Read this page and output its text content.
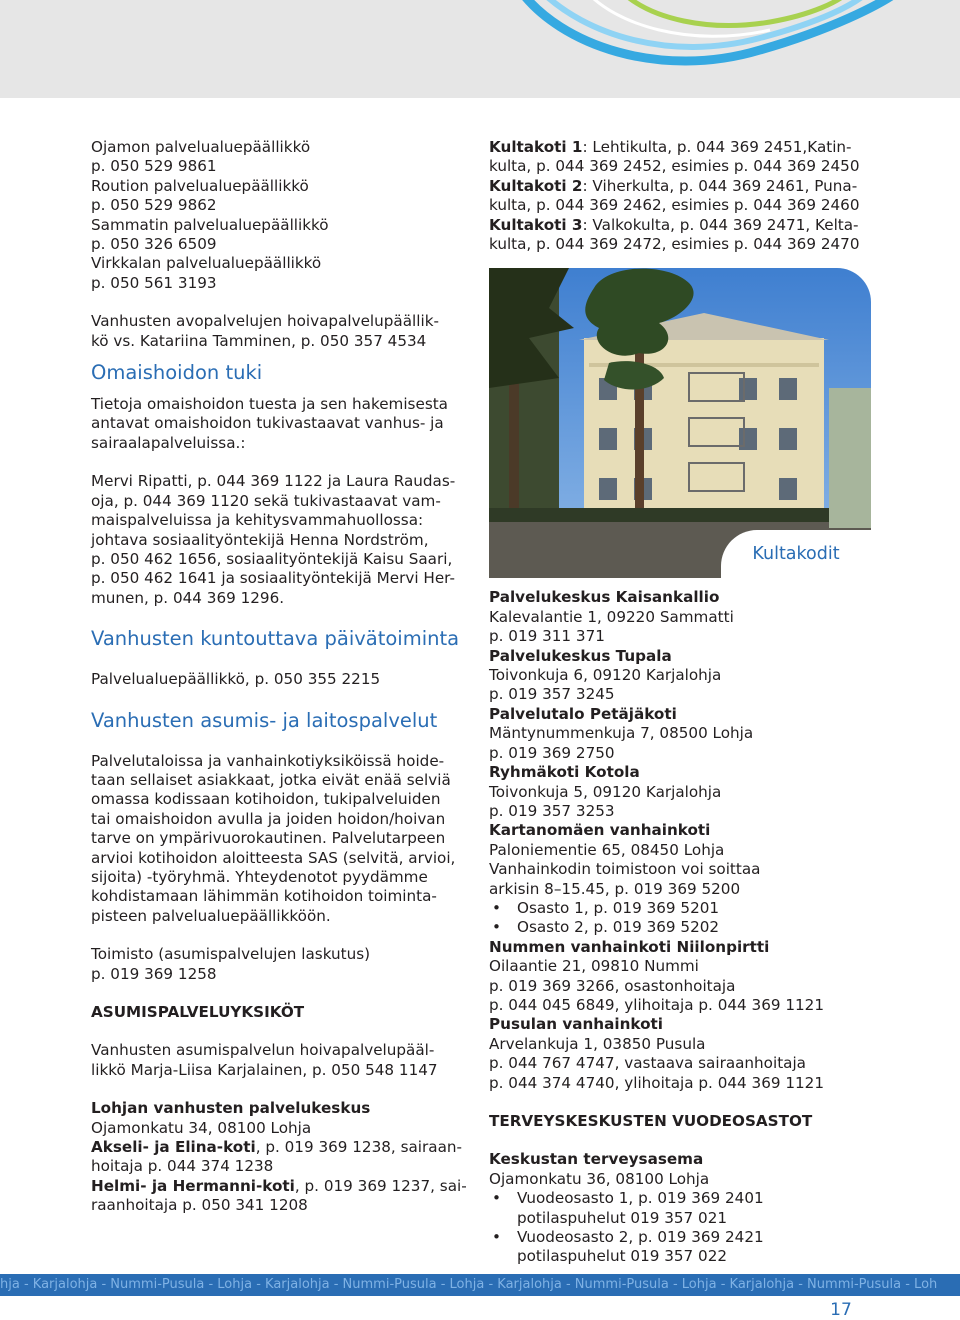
Ojamon palvelualuepäällikkö

p. 050 529 9861

Roution palvelualuepäällikkö

p. 050 529 9862

Sammatin palvelualuepäällikkö

p. 050 326 6509

Virkkalan palvelualuepäällikkö

p. 050 561 3193

Vanhusten avopalvelujen hoivapalvelupäällik-

kö vs. Katariina Tamminen, p. 050 357 4534

Omaishoidon tuki

Tietoja omaishoidon tuesta ja sen hakemisesta

antavat omaishoidon tukivastaavat vanhus- ja

sairaalapalveluissa.:

Mervi Ripatti, p. 044 369 1122 ja Laura Raudas-

oja, p. 044 369 1120 sekä tukivastaavat vam-

maispalveluissa ja kehitysvammahuollossa:

johtava sosiaalityöntekijä Henna Nordström,

p. 050 462 1656, sosiaalityöntekijä Kaisu Saari,

p. 050 462 1641 ja sosiaalityöntekijä Mervi Her-

munen, p. 044 369 1296.

Vanhusten kuntouttava päivätoiminta

Palvelualuepäällikkö, p. 050 355 2215

Vanhusten asumis- ja laitospalvelut

Palvelutaloissa ja vanhainkotiyksiköissä hoide-

taan sellaiset asiakkaat, jotka eivät enää selviä

omassa kodissaan kotihoidon, tukipalveluiden

tai omaishoidon avulla ja joiden hoidon/hoivan

tarve on ympärivuorokautinen. Palvelutarpeen

arvioi kotihoidon aloitteesta SAS (selvitä, arvioi,

sijoita) -työryhmä. Yhteydenotot pyydämme

kohdistamaan lähimmän kotihoidon toiminta-

pisteen palvelualuepäällikköön.

Toimisto (asumispalvelujen laskutus)

p. 019 369 1258

ASUMISPALVELUYKSIKÖT

Vanhusten asumispalvelun hoivapalvelupääl-

likkö Marja-Liisa Karjalainen, p. 050 548 1147

Lohjan vanhusten palvelukeskus

Ojamonkatu 34, 08100 Lohja

Akseli- ja Elina-koti, p. 019 369 1238, sairaan-

hoitaja p. 044 374 1238

Helmi- ja Hermanni-koti, p. 019 369 1237, sai-

raanhoitaja p. 050 341 1208

Kultakoti 1: Lehtikulta, p. 044 369 2451,Katin-

kulta, p. 044 369 2452, esimies p. 044 369 2450

Kultakoti 2: Viherkulta, p. 044 369 2461, Puna-

kulta, p. 044 369 2462, esimies p. 044 369 2460

Kultakoti 3: Valkokulta, p. 044 369 2471, Kelta-

kulta, p. 044 369 2472, esimies p. 044 369 2470

Kultakodit

Palvelukeskus Kaisankallio

Kalevalantie 1, 09220 Sammatti

p. 019 311 371

Palvelukeskus Tupala

Toivonkuja 6, 09120 Karjalohja

p. 019 357 3245

Palvelutalo Petäjäkoti

Mäntynummenkuja 7, 08500 Lohja

p. 019 369 2750

Ryhmäkoti Kotola

Toivonkuja 5, 09120 Karjalohja

p. 019 357 3253

Kartanomäen vanhainkoti

Paloniementie 65, 08450 Lohja

Vanhainkodin toimistoon voi soittaa

arkisin 8–15.45, p. 019 369 5200

• Osasto 1, p. 019 369 5201
• Osasto 2, p. 019 369 5202

Nummen vanhainkoti Niilonpirtti

Oilaantie 21, 09810 Nummi

p. 019 369 3266, osastonhoitaja

p. 044 045 6849, ylihoitaja p. 044 369 1121

Pusulan vanhainkoti

Arvelankuja 1, 03850 Pusula

p. 044 767 4747, vastaava sairaanhoitaja

p. 044 374 4740, ylihoitaja p. 044 369 1121

TERVEYSKESKUSTEN VUODEOSASTOT

Keskustan terveysasema

Ojamonkatu 36, 08100 Lohja

• Vuodeosasto 1, p. 019 369 2401
potilaspuhelut 019 357 021
• Vuodeosasto 2, p. 019 369 2421
potilaspuhelut 019 357 022
hja - Karjalohja - Nummi-Pusula - Lohja - Karjalohja - Nummi-Pusula - Lohja - Karjalohja - Nummi-Pusula - Lohja - Karjalohja - Nummi-Pusula - Loh
17
